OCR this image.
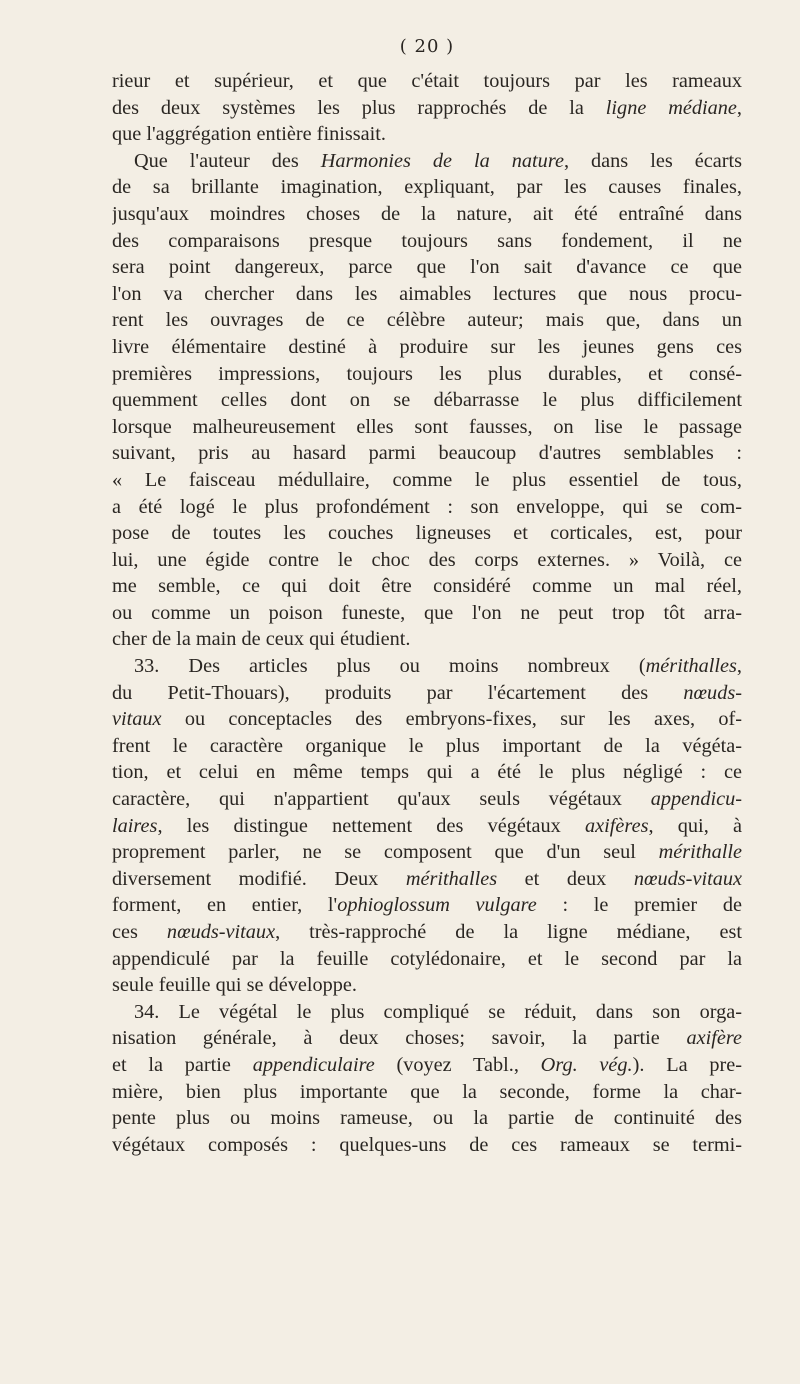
( 20 )
rieur et supérieur, et que c'était toujours par les rameaux
des deux systèmes les plus rapprochés de la ligne médiane,
que l'aggrégation entière finissait.
Que l'auteur des Harmonies de la nature, dans les écarts
de sa brillante imagination, expliquant, par les causes finales,
jusqu'aux moindres choses de la nature, ait été entraîné dans
des comparaisons presque toujours sans fondement, il ne
sera point dangereux, parce que l'on sait d'avance ce que
l'on va chercher dans les aimables lectures que nous procu-
rent les ouvrages de ce célèbre auteur; mais que, dans un
livre élémentaire destiné à produire sur les jeunes gens ces
premières impressions, toujours les plus durables, et consé-
quemment celles dont on se débarrasse le plus difficilement
lorsque malheureusement elles sont fausses, on lise le passage
suivant, pris au hasard parmi beaucoup d'autres semblables :
« Le faisceau médullaire, comme le plus essentiel de tous,
a été logé le plus profondément : son enveloppe, qui se com-
pose de toutes les couches ligneuses et corticales, est, pour
lui, une égide contre le choc des corps externes. » Voilà, ce
me semble, ce qui doit être considéré comme un mal réel,
ou comme un poison funeste, que l'on ne peut trop tôt arra-
cher de la main de ceux qui étudient.
33. Des articles plus ou moins nombreux (mérithalles,
du Petit-Thouars), produits par l'écartement des nœuds-
vitaux ou conceptacles des embryons-fixes, sur les axes, of-
frent le caractère organique le plus important de la végéta-
tion, et celui en même temps qui a été le plus négligé : ce
caractère, qui n'appartient qu'aux seuls végétaux appendicu-
laires, les distingue nettement des végétaux axifères, qui, à
proprement parler, ne se composent que d'un seul mérithalle
diversement modifié. Deux mérithalles et deux nœuds-vitaux
forment, en entier, l'ophioglossum vulgare : le premier de
ces nœuds-vitaux, très-rapproché de la ligne médiane, est
appendiculé par la feuille cotylédonaire, et le second par la
seule feuille qui se développe.
34. Le végétal le plus compliqué se réduit, dans son orga-
nisation générale, à deux choses; savoir, la partie axifère
et la partie appendiculaire (voyez Tabl., Org. vég.). La pre-
mière, bien plus importante que la seconde, forme la char-
pente plus ou moins rameuse, ou la partie de continuité des
végétaux composés : quelques-uns de ces rameaux se termi-
